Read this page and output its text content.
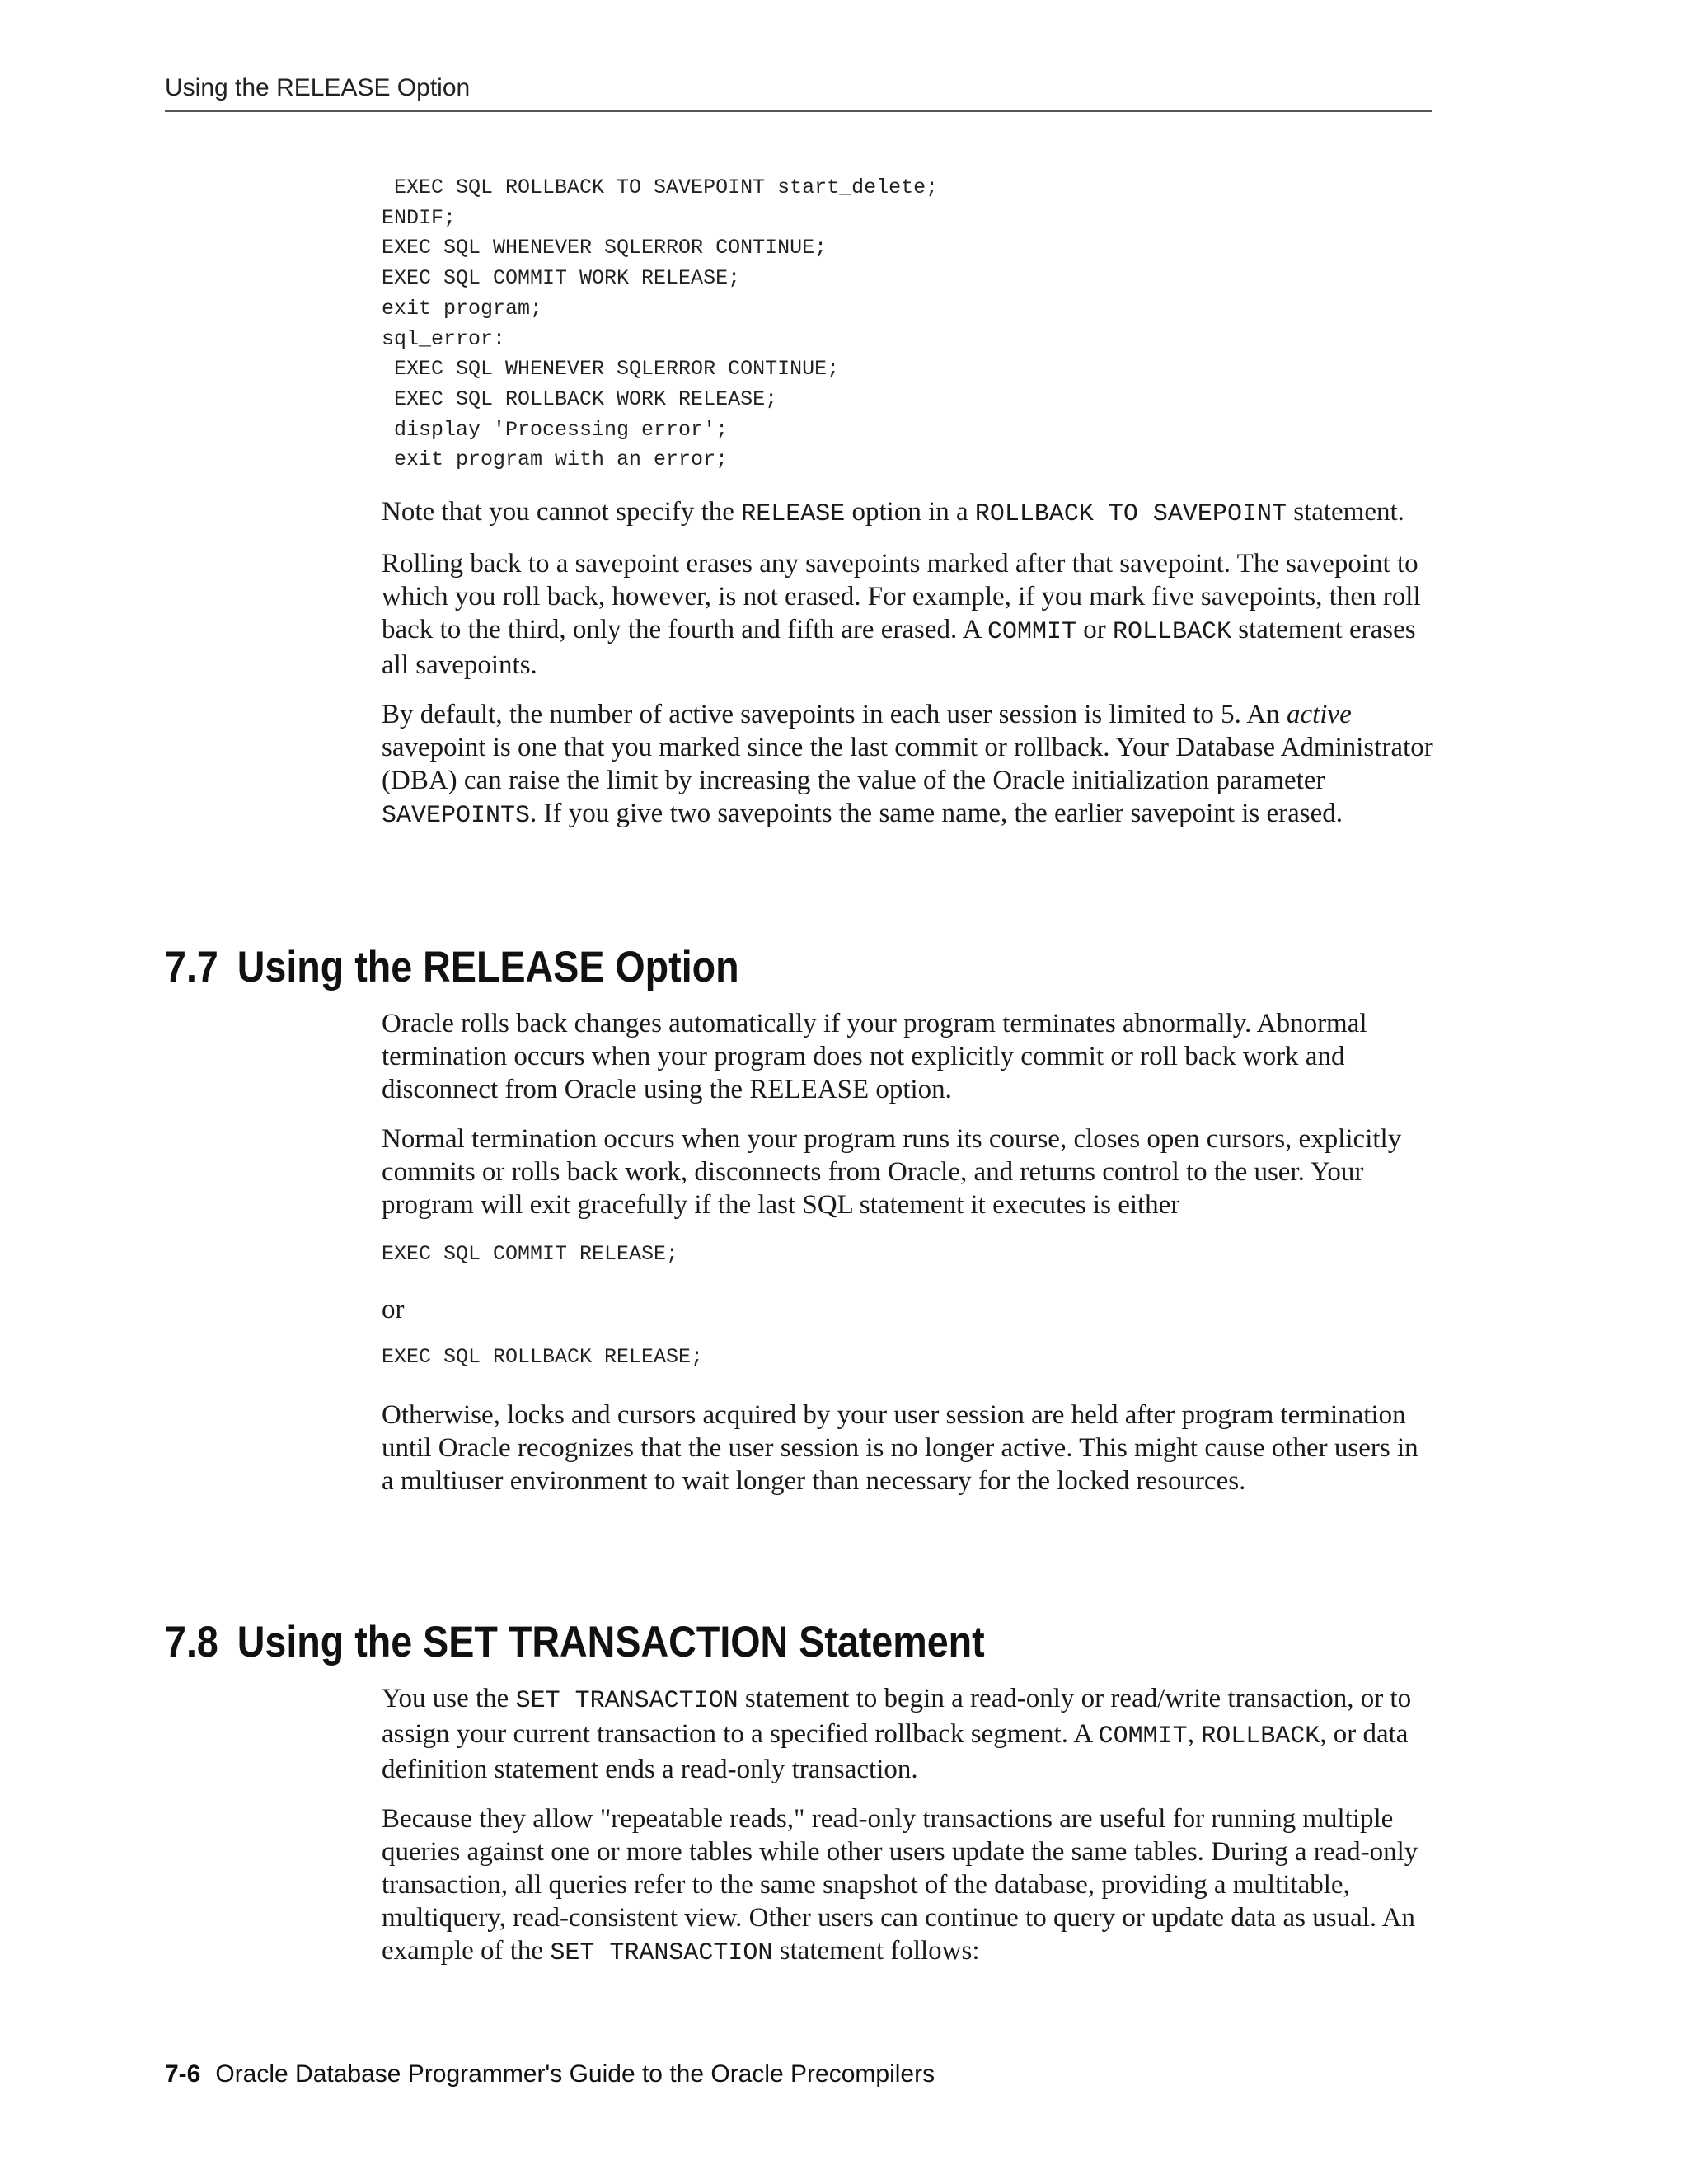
Using the RELEASE Option
EXEC SQL ROLLBACK TO SAVEPOINT start_delete;
ENDIF;
EXEC SQL WHENEVER SQLERROR CONTINUE;
EXEC SQL COMMIT WORK RELEASE;
exit program;
sql_error:
EXEC SQL WHENEVER SQLERROR CONTINUE;
EXEC SQL ROLLBACK WORK RELEASE;
display 'Processing error';
exit program with an error;

Note that you cannot specify the RELEASE option in a ROLLBACK TO SAVEPOINT statement.

Rolling back to a savepoint erases any savepoints marked after that savepoint. The savepoint to which you roll back, however, is not erased. For example, if you mark five savepoints, then roll back to the third, only the fourth and fifth are erased. A COMMIT or ROLLBACK statement erases all savepoints.

By default, the number of active savepoints in each user session is limited to 5. An active savepoint is one that you marked since the last commit or rollback. Your Database Administrator (DBA) can raise the limit by increasing the value of the Oracle initialization parameter SAVEPOINTS. If you give two savepoints the same name, the earlier savepoint is erased.

7.7 Using the RELEASE Option

Oracle rolls back changes automatically if your program terminates abnormally. Abnormal termination occurs when your program does not explicitly commit or roll back work and disconnect from Oracle using the RELEASE option.

Normal termination occurs when your program runs its course, closes open cursors, explicitly commits or rolls back work, disconnects from Oracle, and returns control to the user. Your program will exit gracefully if the last SQL statement it executes is either

EXEC SQL COMMIT RELEASE;

or

EXEC SQL ROLLBACK RELEASE;

Otherwise, locks and cursors acquired by your user session are held after program termination until Oracle recognizes that the user session is no longer active. This might cause other users in a multiuser environment to wait longer than necessary for the locked resources.

7.8 Using the SET TRANSACTION Statement

You use the SET TRANSACTION statement to begin a read-only or read/write transaction, or to assign your current transaction to a specified rollback segment. A COMMIT, ROLLBACK, or data definition statement ends a read-only transaction.

Because they allow "repeatable reads," read-only transactions are useful for running multiple queries against one or more tables while other users update the same tables. During a read-only transaction, all queries refer to the same snapshot of the database, providing a multitable, multiquery, read-consistent view. Other users can continue to query or update data as usual. An example of the SET TRANSACTION statement follows:

7-6 Oracle Database Programmer's Guide to the Oracle Precompilers
